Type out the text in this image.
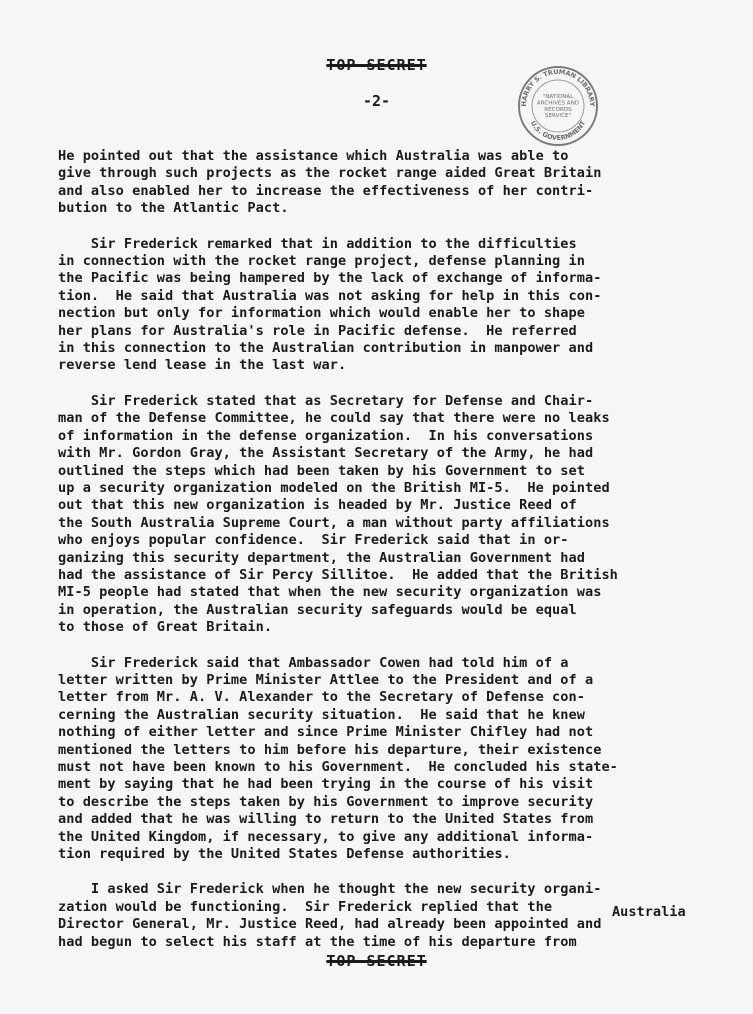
TOP SECRET
-2-	HARRY S. TRUMAN LIBRARY
U.S. GOVERNMENT
"NATIONAL
ARCHIVES AND
RECORDS
SERVICE"

He pointed out that the assistance which Australia was able to
give through such projects as the rocket range aided Great Britain
and also enabled her to increase the effectiveness of her contri-
bution to the Atlantic Pact.

Sir Frederick remarked that in addition to the difficulties
in connection with the rocket range project, defense planning in
the Pacific was being hampered by the lack of exchange of informa-
tion.  He said that Australia was not asking for help in this con-
nection but only for information which would enable her to shape
her plans for Australia's role in Pacific defense.  He referred
in this connection to the Australian contribution in manpower and
reverse lend lease in the last war.

Sir Frederick stated that as Secretary for Defense and Chair-
man of the Defense Committee, he could say that there were no leaks
of information in the defense organization.  In his conversations
with Mr. Gordon Gray, the Assistant Secretary of the Army, he had
outlined the steps which had been taken by his Government to set
up a security organization modeled on the British MI-5.  He pointed
out that this new organization is headed by Mr. Justice Reed of
the South Australia Supreme Court, a man without party affiliations
who enjoys popular confidence.  Sir Frederick said that in or-
ganizing this security department, the Australian Government had
had the assistance of Sir Percy Sillitoe.  He added that the British
MI-5 people had stated that when the new security organization was
in operation, the Australian security safeguards would be equal
to those of Great Britain.

Sir Frederick said that Ambassador Cowen had told him of a
letter written by Prime Minister Attlee to the President and of a
letter from Mr. A. V. Alexander to the Secretary of Defense con-
cerning the Australian security situation.  He said that he knew
nothing of either letter and since Prime Minister Chifley had not
mentioned the letters to him before his departure, their existence
must not have been known to his Government.  He concluded his state-
ment by saying that he had been trying in the course of his visit
to describe the steps taken by his Government to improve security
and added that he was willing to return to the United States from
the United Kingdom, if necessary, to give any additional informa-
tion required by the United States Defense authorities.

I asked Sir Frederick when he thought the new security organi-
zation would be functioning.  Sir Frederick replied that the
Director General, Mr. Justice Reed, had already been appointed and
had begun to select his staff at the time of his departure from

Australia
TOP SECRET
